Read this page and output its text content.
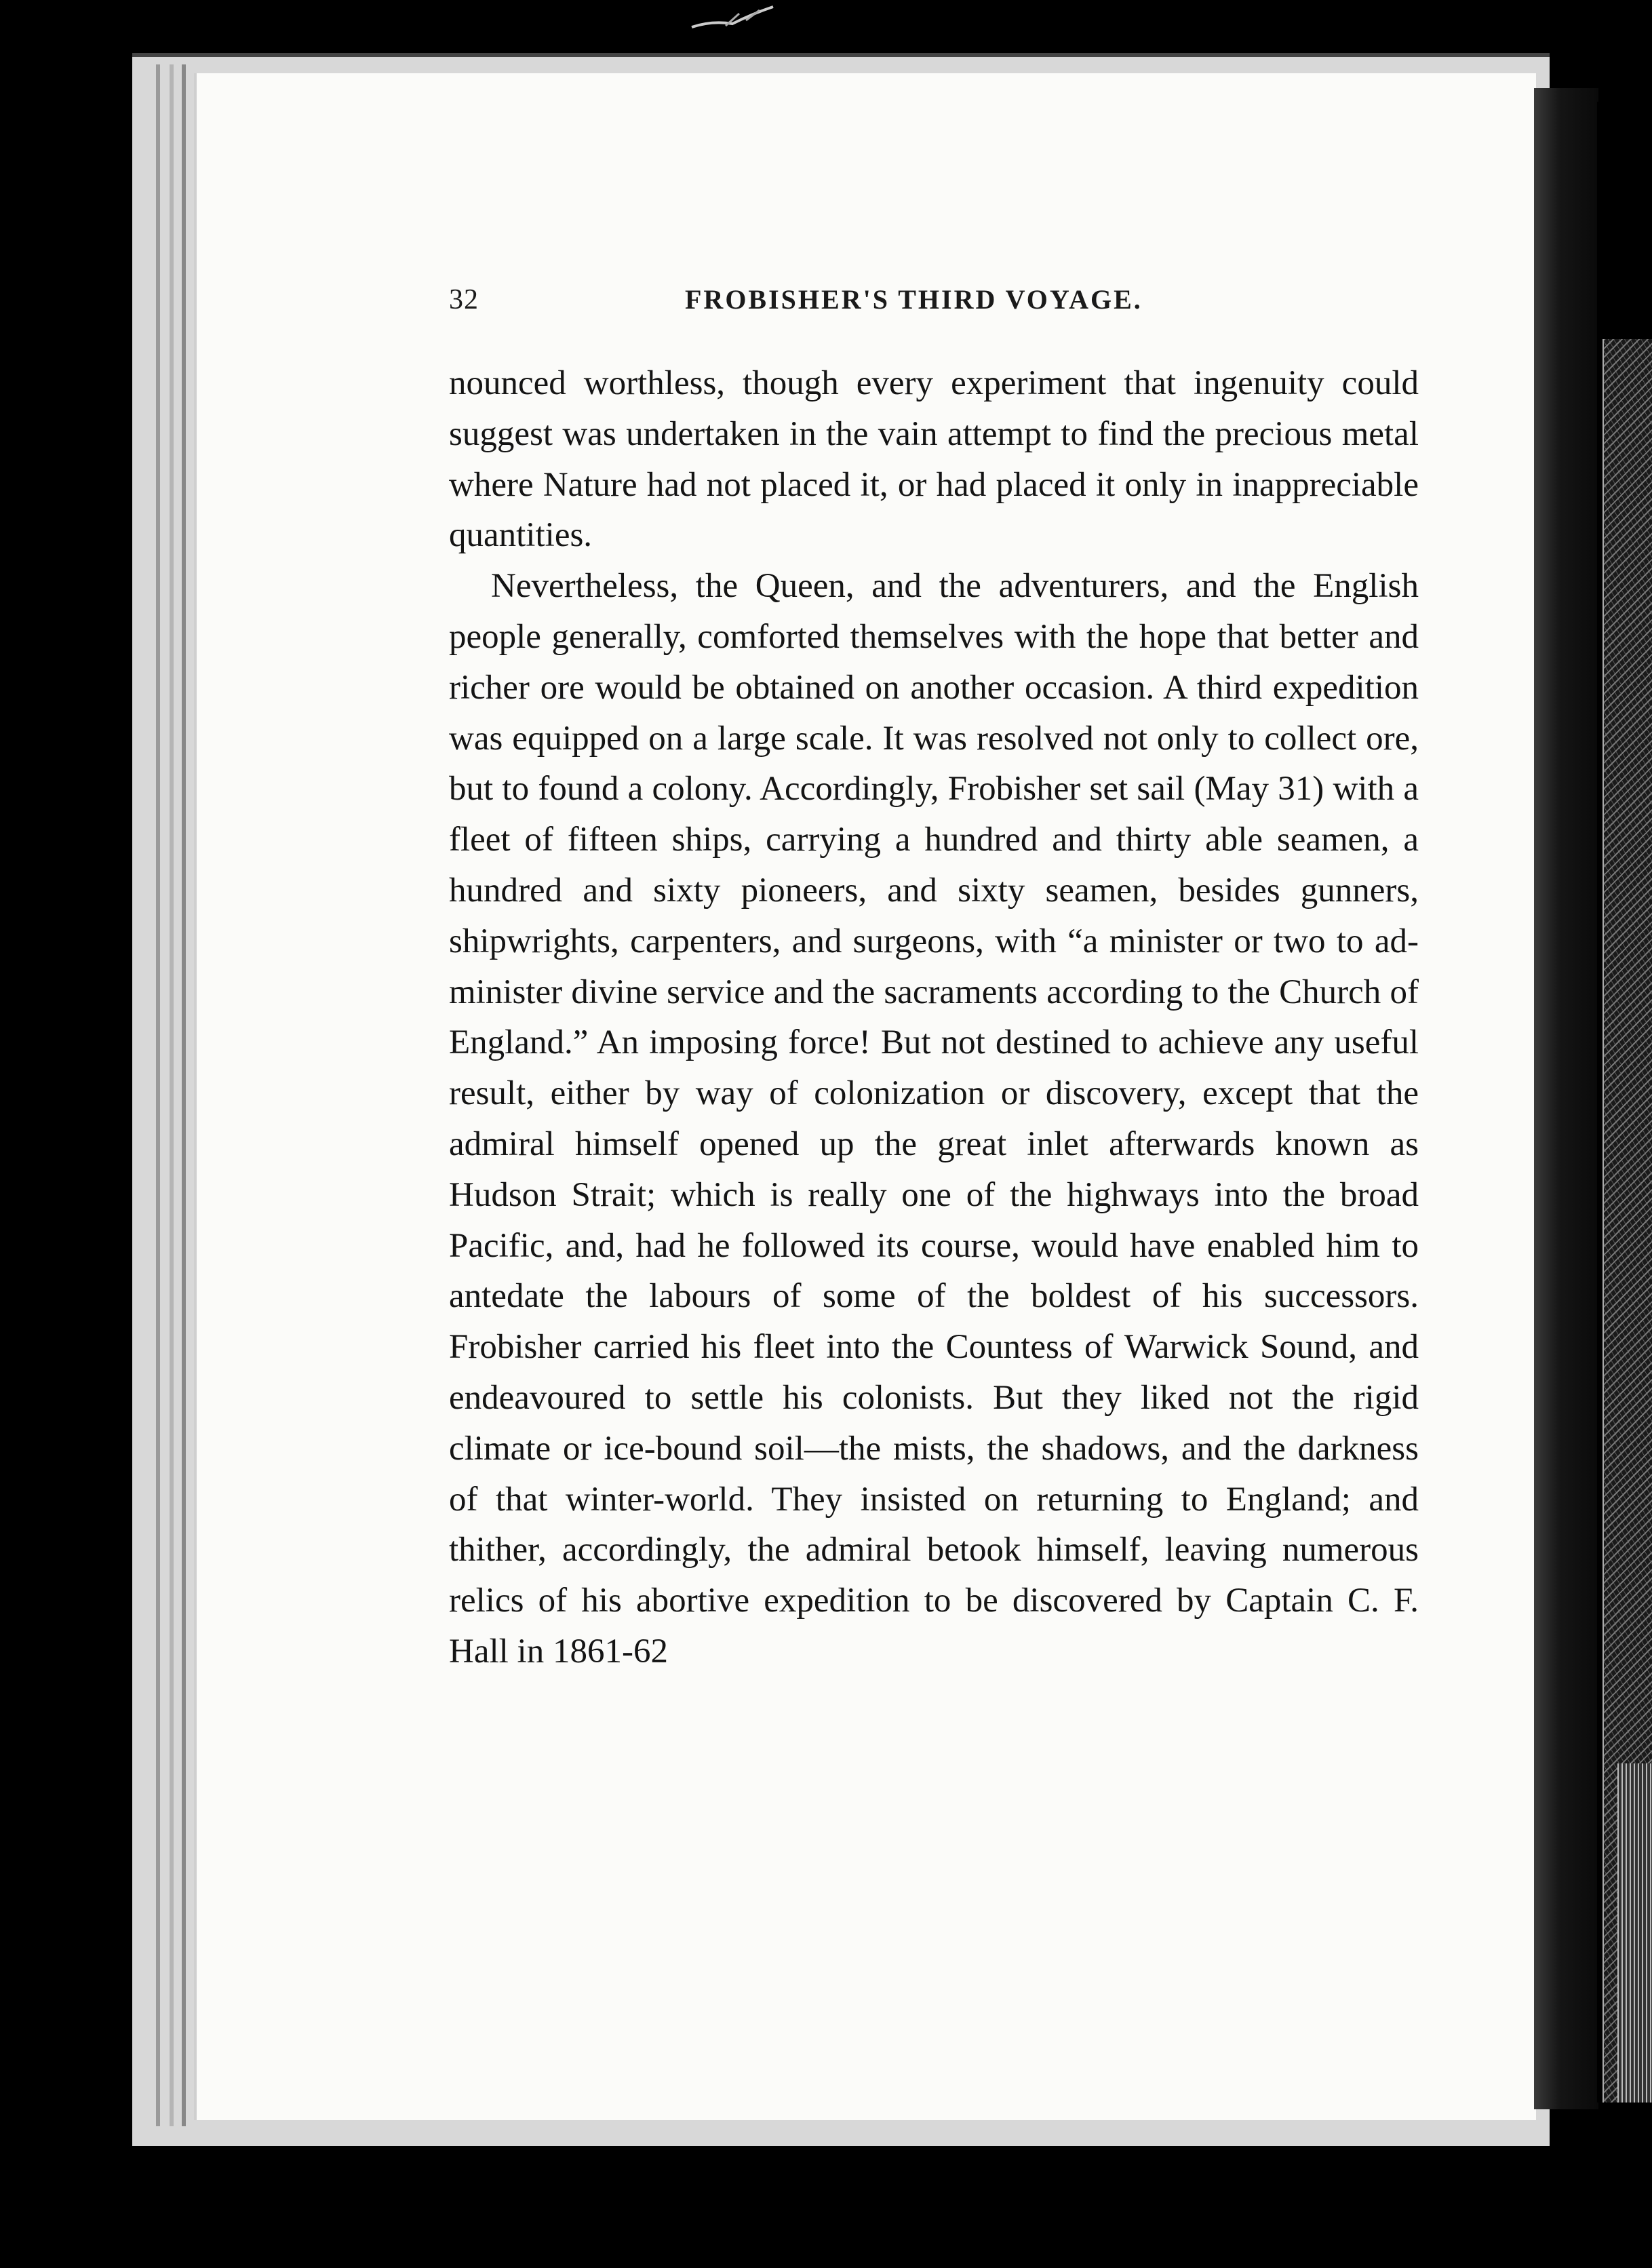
32	FROBISHER'S THIRD VOYAGE.

nounced worthless, though every experiment that ingenuity could suggest was undertaken in the vain attempt to find the precious metal where Nature had not placed it, or had placed it only in inappreciable quantities.

Nevertheless, the Queen, and the adventurers, and the English people generally, comforted themselves with the hope that better and richer ore would be obtained on another occasion. A third expedition was equipped on a large scale. It was resolved not only to collect ore, but to found a colony. Accordingly, Frobisher set sail (May 31) with a fleet of fifteen ships, carrying a hundred and thirty able seamen, a hundred and sixty pioneers, and sixty seamen, besides gunners, shipwrights, carpenters, and surgeons, with “a minister or two to administer divine service and the sacraments according to the Church of England.” An imposing force! But not destined to achieve any useful result, either by way of colonization or discovery, except that the admiral himself opened up the great inlet afterwards known as Hudson Strait; which is really one of the highways into the broad Pacific, and, had he followed its course, would have enabled him to antedate the labours of some of the boldest of his successors. Frobisher carried his fleet into the Countess of Warwick Sound, and endeavoured to settle his colonists. But they liked not the rigid climate or ice-bound soil—the mists, the shadows, and the darkness of that winter-world. They insisted on returning to England; and thither, accordingly, the admiral betook himself, leaving numerous relics of his abortive expedition to be discovered by Captain C. F. Hall in 1861-62
